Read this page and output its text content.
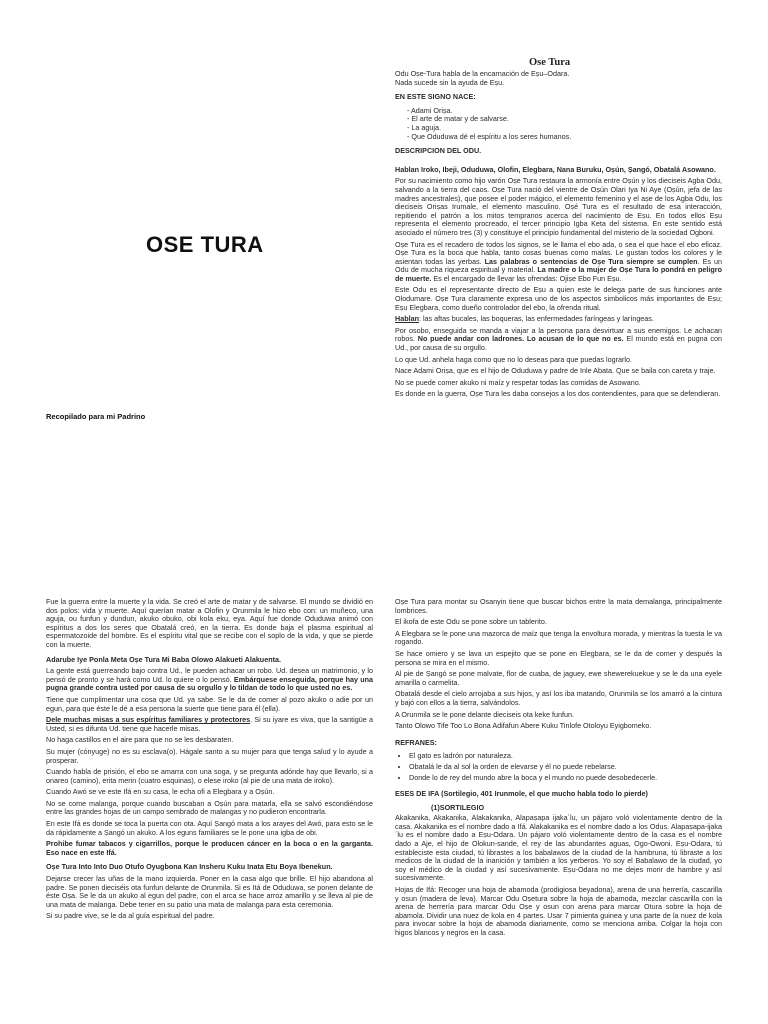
OSE TURA
Recopilado para mi Padrino
Ose Tura

Odu Oṣe-Tura habla de la encarnación de Eṣu–Odara.

Nada sucede sin la ayuda de Eṣu.

EN ESTE SIGNO NACE:
- Adami Oriṣa.
- El arte de matar y de salvarse.
- La aguja.
- Que Oduduwa dé el espíritu a los seres humanos.
DESCRIPCION DEL ODU.

Hablan Iroko, Ibeji, Oduduwa, Olofin, Elegbara, Nana Buruku, Oṣún, Ṣangó, Obatalá Asowano.

Por su nacimiento como hijo varón Oṣe Tura restaura la armonía entre Oṣún y los dieciseis Agba Odu, salvando a la tierra del caos. Oṣe Tura nació del vientre de Oṣún Olari Iya Ni Aye (Oṣún, jefa de las madres ancestrales), que posee el poder mágico, el elemento femenino y el aṣe de los Agba Odu, los dieciseis Oriṣas Irumale, el elemento masculino. Oṣé Tura es el resultado de esa interacción, repitiendo el patrón a los mitos tempranos acerca del nacimiento de Eṣu. En todos ellos Eṣu representa el elemento procreado, el tercer principio Igba Keta del sistema. En este sentido está asociado el número tres (3) y constituye el principio fundamental del misterio de la sociedad Ogboni.

Oṣe Tura es el recadero de todos los signos, se le llama el ebo ada, o sea el que hace el ebo eficaz. Oṣe Tura es la boca que habla, tanto cosas buenas como malas. Le gustan todos los colores y le asientan todas las yerbas. Las palabras o sentencias de Oṣe Tura siempre se cumplen. Es un Odu de mucha riqueza espiritual y material. La madre o la mujer de Oṣe Tura lo pondrá en peligro de muerte. Es el encargado de llevar las ofrendas: Ojiṣe Ebo Fun Eṣu.

Este Odu es el representante directo de Eṣu a quien este le delega parte de sus funciones ante Olodumare. Oṣe Tura claramente expresa uno de los aspectos simbolicos más importantes de Eṣu; Eṣu Elegbara, como dueño controlador del ebo, la ofrenda ritual.

Hablan: las aftas bucales, las boqueras, las enfermedades faríngeas y laríngeas.

Por osobo, enseguida se manda a viajar a la persona para desvirtuar a sus enemigos. Le achacan robos. No puede andar con ladrones. Lo acusan de lo que no es. El mundo está en pugna con Ud., por causa de su orgullo.

Lo que Ud. anhela haga como que no lo deseas para que puedas lograrlo.

Nace Adami Oriṣa, que es el hijo de Oduduwa y padre de Inle Abata. Que se baila con careta y traje.

No se puede comer akuko ni maíz y respetar todas las comidas de Asowano.

Es donde en la guerra, Oṣe Tura les daba consejos a los dos contendientes, para que se defendieran.

Fue la guerra entre la muerte y la vida. Se creó el arte de matar y de salvarse. El mundo se dividió en dos polos: vida y muerte. Aquí querían matar a Olofin y Orunmila le hizo ebo con: un muñeco, una aguja, ou funfun y dundun, akuko obuko, obi kola eku, eya. Aquí fue donde Oduduwa animó con espíritus a dos los seres que Obatalá creó, en la tierra. Es donde baja el plasma espiritual al espermatozoide del hombre. Es el espíritu vital que se recibe con el soplo de la vida, y que se pierde con la muerte.

Adarube Iye Ponla Meta Oṣe Tura Mi Baba Olowo Alakueti Alakuenta.

La gente está guerreando bajo contra Ud., le pueden achacar un robo. Ud. desea un matrimonio, y lo pensó de pronto y se hará como Ud. lo quiere o lo pensó. Embárquese enseguida, porque hay una pugna grande contra usted por causa de su orgullo y lo tildan de todo lo que usted no es.

Tiene que cumplimentar una cosa que Ud. ya sabe. Se le da de comer al pozo akuko o adie por un egun, para que éste le dé a esa persona la suerte que tiene para él (ella).

Dele muchas misas a sus espíritus familiares y protectores. Si su iyare es viva, que la santigüe a Usted, si es difunta Ud. tiene que hacerle misas.

No haga castillos en el aire para que no se les desbaraten.

Su mujer (cónyuge) no es su esclava(o). Hágale santo a su mujer para que tenga salud y lo ayude a prosperar.

Cuando habla de prisión, el ebo se amarra con una soga, y se pregunta adónde hay que llevarlo, si a onareo (camino), erita merin (cuatro esquinas), o elese iroko (al pie de una mata de iroko).

Cuando Awó se ve este Ifá en su casa, le echa ofi a Elegbara y a Oṣún.

No se come malanga, porque cuando buscaban a Oṣún para matarla, ella se salvó escondiéndose entre las grandes hojas de un campo sembrado de malangas y no pudieron encontrarla.

En este Ifá es donde se toca la puerta con ota. Aquí Ṣangó mata a los arayes del Awó, para esto se le da rápidamente a Ṣangó un akuko. A los eguns familiares se le pone una igba de obi.

Prohibe fumar tabacos y cigarrillos, porque le producen cáncer en la boca o en la garganta. Eso nace en este Ifá.

Oṣe Tura Into Into Duo Otufo Oyugbona Kan Insheru Kuku Inata Etu Boya Ibenekun.

Dejarse crecer las uñas de la mano izquierda. Poner en la casa algo que brille. El hijo abandona al padre. Se ponen dieciséis ota funfun delante de Orunmila. Si es Itá de Oduduwa, se ponen delante de éste Oṣa. Se le da un akuko al egun del padre, con el arca se hace arroz amarillo y se lleva al pie de una mata de malanga. Debe tener en su patio una mata de malanga para esta ceremonia.

Si su padre vive, se le da al guía espiritual del padre.

Oṣe Tura para montar su Osanyin tiene que buscar bichos entre la mata demalanga, principalmente lombrices.

El ikofa de este Odu se pone sobre un tablerito.

A Elegbara se le pone una mazorca de maíz que tenga la envoltura morada, y mientras la tuesta le va rogando.

Se hace omiero y se lava un espejito que se pone en Elegbara, se le da de comer y después la persona se mira en el mismo.

Al pie de Ṣangó se pone malvate, flor de cuaba, de jaguey, ewe shewerekuekue y se le da una eyele amarilla o carmelita.

Obatalá desde el cielo arrojaba a sus hijos, y así los iba matando, Orunmila se los amarró a la cintura y bajó con ellos a la tierra, salvándolos.

A Orunmila se le pone delante dieciseis ota keke funfun.

Tanto Olowo Tife Too Lo Bona Adifafun Abere Kuku Tinlofe Otoloyu Eyigbomeko.

REFRANES:
• El gato es ladrón por naturaleza.
• Obatalá le da al sol la orden de elevarse y él no puede rebelarse.
• Donde lo de rey del mundo abre la boca y el mundo no puede desobedecerle.
ESES DE IFA (Sortilegio, 401 Irunmole, el que mucho habla todo lo pierde)
(1)SORTILEGIO

Akakanika, Akakanika, Alakakanika, Alapaṣapa ijaka´lu, un pájaro voló violentamente dentro de la casa. Akakanika es el nombre dado a Ifá. Alakakanika es el nombre dado a los Odus. Alapaṣapa-ijaka´lu es el nombre dado a Eṣu-Odara. Un pájaro voló violentamente dentro de la casa es el nombre dado a Aje, el hijo de Olokun-sande, el rey de las abundantes aguas, Ogo-Owoni. Eṣu-Odara, tú estableciste esta ciudad, tú librastes a los babalawos de la ciudad de la hambruna, tú libraste a los medicos de la ciudad de la inanición y también a los yerberos. Yo soy el Babalawo de la ciudad, yo soy el médico de la ciudad y así sucesivamente. Eṣu-Odara no me dejes morir de hambre y así sucesivamente.

Hojas de Ifá: Recoger una hoja de abamoda (prodigiosa beyadona), arena de una herrería, cascarilla y osun (madera de leva). Marcar Odu Oṣetura sobre la hoja de abamoda, mezclar cascarilla con la arena de herrería para marcar Odu Oṣe y osun con arena para marcar Otura sobre la hoja de abamola. Dividir una nuez de kola en 4 partes. Usar 7 pimienta guinea y una parte de la nuez de kola para invocar sobre la hoja de abamoda diariamente, como se menciona arriba. Colgar la hoja con higos blancos y negros en la casa.
